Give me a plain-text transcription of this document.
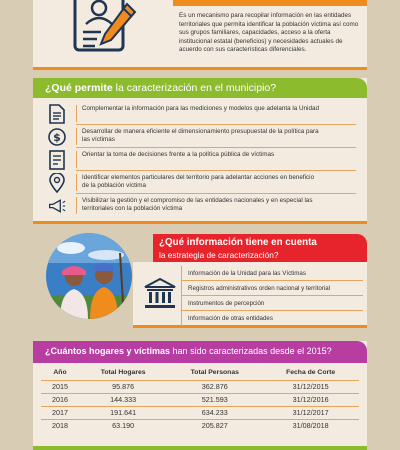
Es un mecanismo para recopilar información en las entidades territoriales que permita identificar la población víctima así como sus grupos familiares, capacidades, acceso a la oferta institucional estatal (beneficios) y necesidades actuales de acuerdo con sus características diferenciales.

¿Qué permite la caracterización en el municipio?
Complementar la información para las mediciones y modelos que adelanta la Unidad
$	Desarrollar de manera eficiente el dimensionamiento presupuestal de la política para las víctimas
Orientar la toma de decisiones frente a la política pública de víctimas
Identificar elementos particulares del territorio para adelantar acciones en beneficio de la población víctima
Visibilizar la gestión y el compromiso de las entidades nacionales y en especial las territoriales con la población víctima
¿Qué información tiene en cuenta
la estrategia de caracterización?
Información de la Unidad para las Víctimas
Registros administrativos orden nacional y territorial
Instrumentos de percepción
Información de otras entidades
¿Cuántos hogares y víctimas han sido caracterizadas desde el 2015?
Año	Total Hogares	Total Personas	Fecha de Corte
2015	95.876	362.876	31/12/2015
2016	144.333	521.593	31/12/2016
2017	191.641	634.233	31/12/2017
2018	63.190	205.827	31/08/2018
